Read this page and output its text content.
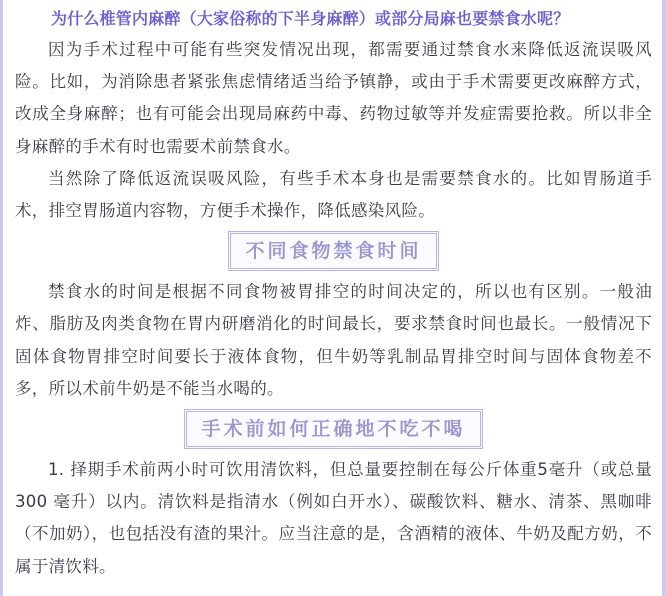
为什么椎管内麻醉（大家俗称的下半身麻醉）或部分局麻也要禁食水呢？

因为手术过程中可能有些突发情况出现，都需要通过禁食水来降低返流误吸风险。比如，为消除患者紧张焦虑情绪适当给予镇静，或由于手术需要更改麻醉方式，改成全身麻醉；也有可能会出现局麻药中毒、药物过敏等并发症需要抢救。所以非全身麻醉的手术有时也需要术前禁食水。

当然除了降低返流误吸风险，有些手术本身也是需要禁食水的。比如胃肠道手术，排空胃肠道内容物，方便手术操作，降低感染风险。

不同食物禁食时间

禁食水的时间是根据不同食物被胃排空的时间决定的，所以也有区别。一般油炸、脂肪及肉类食物在胃内研磨消化的时间最长，要求禁食时间也最长。一般情况下固体食物胃排空时间要长于液体食物，但牛奶等乳制品胃排空时间与固体食物差不多，所以术前牛奶是不能当水喝的。

手术前如何正确地不吃不喝

1. 择期手术前两小时可饮用清饮料，但总量要控制在每公斤体重5毫升（或总量300 毫升）以内。清饮料是指清水（例如白开水）、碳酸饮料、糖水、清茶、黑咖啡（不加奶），也包括没有渣的果汁。应当注意的是，含酒精的液体、牛奶及配方奶，不属于清饮料。
